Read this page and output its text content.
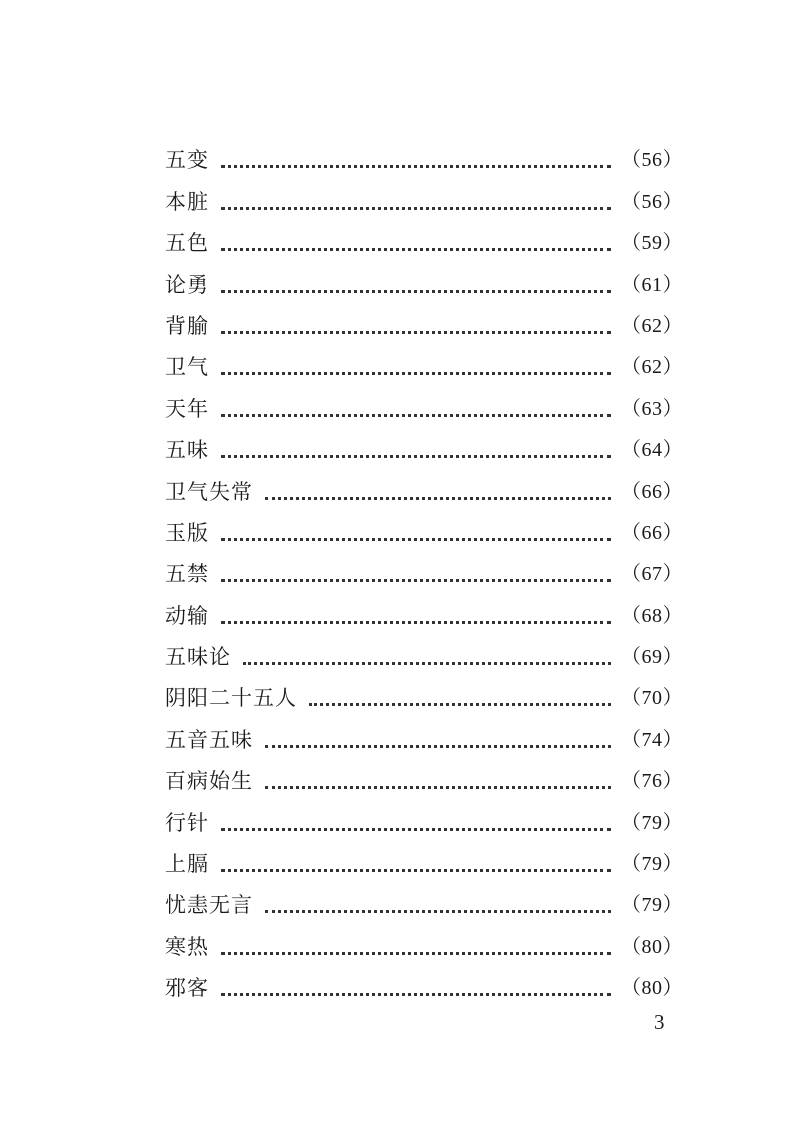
五变	（56）
本脏	（56）
五色	（59）
论勇	（61）
背腧	（62）
卫气	（62）
天年	（63）
五味	（64）
卫气失常	（66）
玉版	（66）
五禁	（67）
动输	（68）
五味论	（69）
阴阳二十五人	（70）
五音五味	（74）
百病始生	（76）
行针	（79）
上膈	（79）
忧恚无言	（79）
寒热	（80）
邪客	（80）
3
